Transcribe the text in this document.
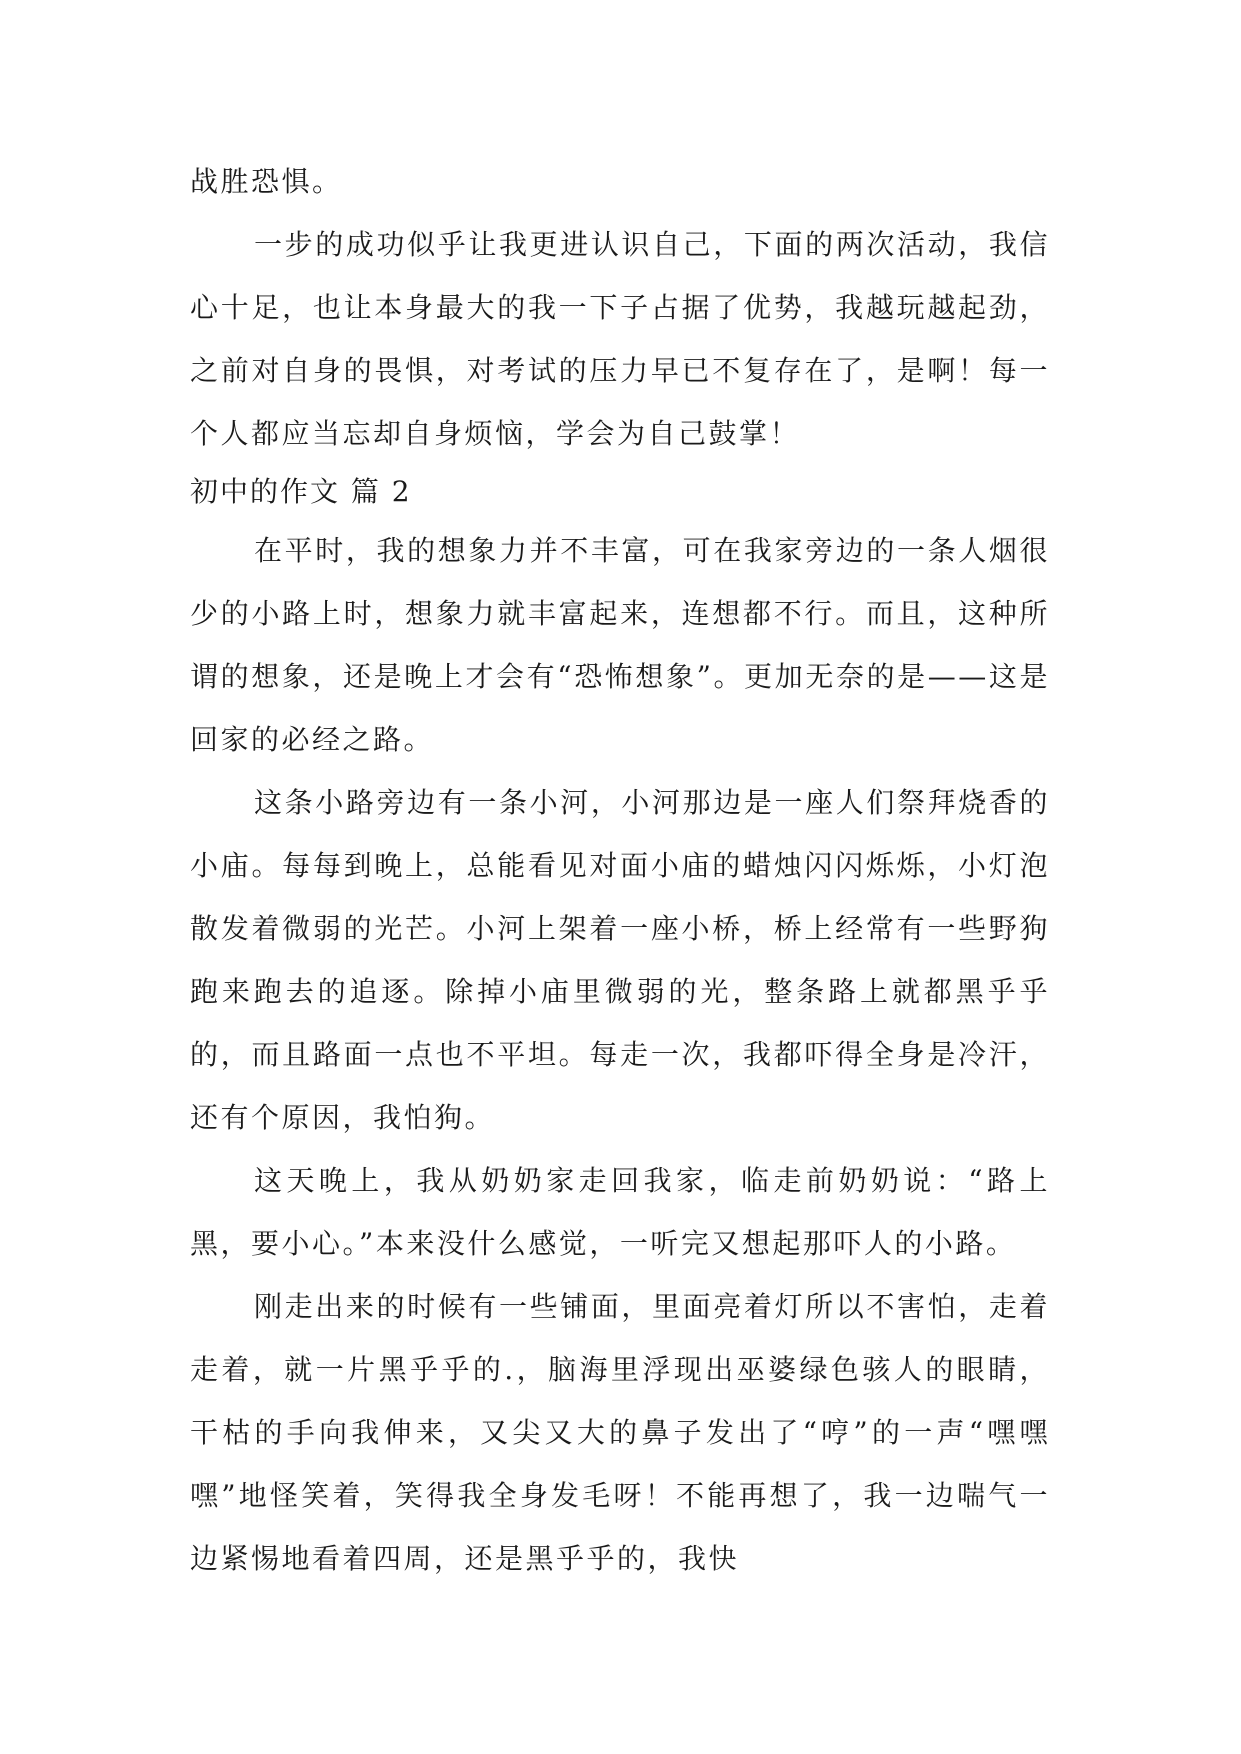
战胜恐惧。

一步的成功似乎让我更进认识自己，下面的两次活动，我信心十足，也让本身最大的我一下子占据了优势，我越玩越起劲，之前对自身的畏惧，对考试的压力早已不复存在了，是啊！每一个人都应当忘却自身烦恼，学会为自己鼓掌！

初中的作文 篇 2

在平时，我的想象力并不丰富，可在我家旁边的一条人烟很少的小路上时，想象力就丰富起来，连想都不行。而且，这种所谓的想象，还是晚上才会有“恐怖想象”。更加无奈的是——这是回家的必经之路。

这条小路旁边有一条小河，小河那边是一座人们祭拜烧香的小庙。每每到晚上，总能看见对面小庙的蜡烛闪闪烁烁，小灯泡散发着微弱的光芒。小河上架着一座小桥，桥上经常有一些野狗跑来跑去的追逐。除掉小庙里微弱的光，整条路上就都黑乎乎的，而且路面一点也不平坦。每走一次，我都吓得全身是冷汗，还有个原因，我怕狗。

这天晚上，我从奶奶家走回我家，临走前奶奶说：“路上黑，要小心。”本来没什么感觉，一听完又想起那吓人的小路。

刚走出来的时候有一些铺面，里面亮着灯所以不害怕，走着走着，就一片黑乎乎的.，脑海里浮现出巫婆绿色骇人的眼睛，干枯的手向我伸来，又尖又大的鼻子发出了“哼”的一声“嘿嘿嘿”地怪笑着，笑得我全身发毛呀！不能再想了，我一边喘气一边紧惕地看着四周，还是黑乎乎的，我快
